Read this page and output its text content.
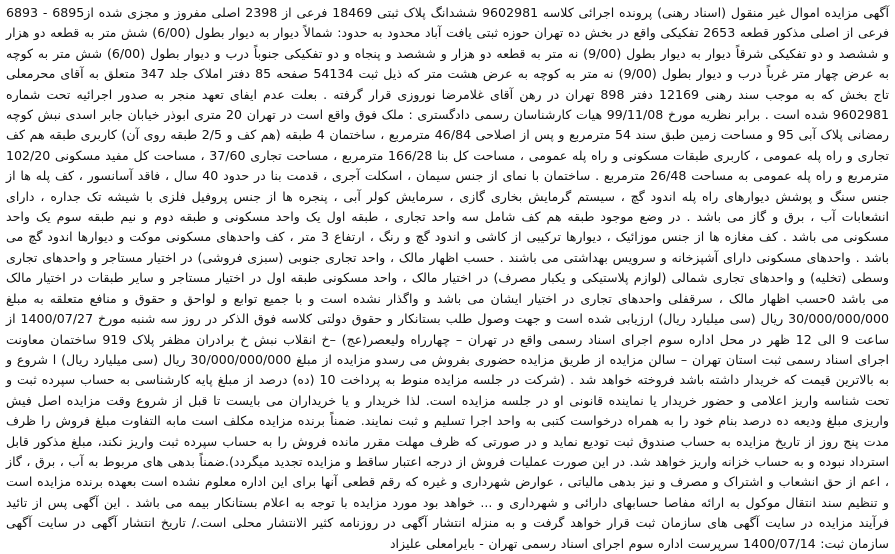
آگهی مزایده اموال غیر منقول (اسناد رهنی) پرونده اجرائی کلاسه 9602981 ششدانگ پلاک ثبتی 18469 فرعی از 2398 اصلی مفروز و مجزی شده از6895 - 6893 فرعی از اصلی مذکور قطعه 2653 تفکیکی واقع در بخش ده تهران حوزه ثبتی یافت آباد محدود به حدود: شمالاً دیوار به دیوار بطول (6/00) شش متر به قطعه دو هزار و ششصد و دو تفکیکی شرقاً دیوار به دیوار بطول (9/00) نه متر به قطعه دو هزار و ششصد و پنجاه و دو تفکیکی جنوباً درب و دیوار بطول (6/00) شش متر به کوچه به عرض چهار متر غرباً درب و دیوار بطول (9/00) نه متر به کوچه به عرض هشت متر که ذیل ثبت 54134 صفحه 85 دفتر املاک جلد 347 متعلق به آقای محرمعلی تاج بخش که به موجب سند رهنی 12169 دفتر 898 تهران در رهن آقای غلامرضا نوروزی قرار گرفته . بعلت عدم ایفای تعهد منجر به صدور اجرائیه تحت شماره 9602981 شده است . برابر نظریه مورخ 99/11/08 هیات کارشناسان رسمی دادگستری : ملک فوق واقع است در تهران 20 متری ابوذر خیابان جابر اسدی نبش کوچه رمضانی پلاک آبی 95 و مساحت زمین طبق سند 54 مترمربع و پس از اصلاحی 46/84 مترمربع ، ساختمان 4 طبقه (هم کف و 2/5 طبقه روی آن) کاربری طبقه هم کف تجاری و راه پله عمومی ، کاربری طبقات مسکونی و راه پله عمومی ، مساحت کل بنا 166/28 مترمربع ، مساحت تجاری 37/60 ، مساحت کل مفید مسکونی 102/20 مترمربع و راه پله عمومی به مساحت 26/48 مترمربع . ساختمان با نمای از جنس سیمان ، اسکلت آجری ، قدمت بنا در حدود 40 سال ، فاقد آسانسور ، کف پله ها از جنس سنگ و پوشش دیوارهای راه پله اندود گچ ، سیستم گرمایش بخاری گازی ، سرمایش کولر آبی ، پنجره ها از جنس پروفیل فلزی با شیشه تک جداره ، دارای انشعابات آب ، برق و گاز می باشد . در وضع موجود طبقه هم کف شامل سه واحد تجاری ، طبقه اول یک واحد مسکونی و طبقه دوم و نیم طبقه سوم یک واحد مسکونی می باشد . کف مغازه ها از جنس موزائیک ، دیوارها ترکیبی از کاشی و اندود گچ و رنگ ، ارتفاع 3 متر ، کف واحدهای مسکونی موکت و دیوارها اندود گچ می باشد . واحدهای مسکونی دارای آشپزخانه و سرویس بهداشتی می باشند . حسب اظهار مالک ، واحد تجاری جنوبی (سبزی فروشی) در اختیار مستاجر و واحدهای تجاری وسطی (تخلیه) و واحدهای تجاری شمالی (لوازم پلاستیکی و یکبار مصرف) در اختیار مالک ، واحد مسکونی طبقه اول در اختیار مستاجر و سایر طبقات در اختیار مالک می باشد 0حسب اظهار مالک ، سرقفلی واحدهای تجاری در اختیار ایشان می باشد و واگذار نشده است و با جمیع توابع و لواحق و حقوق و منافع متعلقه به مبلغ 30/000/000/000 ریال (سی میلیارد ریال) ارزیابی شده است و جهت وصول طلب بستانکار و حقوق دولتی کلاسه فوق الذکر در روز سه شنبه مورخ 1400/07/27 از ساعت 9 الی 12 ظهر در محل اداره سوم اجرای اسناد رسمی واقع در تهران – چهارراه ولیعصر(عج) –خ انقلاب نبش خ برادران مظفر پلاک 919 ساختمان معاونت اجرای اسناد رسمی ثبت استان تهران – سالن مزایده از طریق مزایده حضوری بفروش می رسدو مزایده از مبلغ 30/000/000/000 ریال (سی میلیارد ریال) ا شروع و به بالاترین قیمت که خریدار داشته باشد فروخته خواهد شد . (شرکت در جلسه مزایده منوط به پرداخت 10 (ده) درصد از مبلغ پایه کارشناسی به حساب سپرده ثبت و تحت شناسه واریز اعلامی و حضور خریدار یا نماینده قانونی او در جلسه مزایده است. لذا خریدار و یا خریداران می بایست تا قبل از شروع وقت مزایده اصل فیش واریزی مبلغ ودیعه ده درصد بنام خود را به همراه درخواست کتبی به واحد اجرا تسلیم و ثبت نمایند. ضمناً برنده مزایده مکلف است مابه التفاوت مبلغ فروش را ظرف مدت پنج روز از تاریخ مزایده به حساب صندوق ثبت تودیع نماید و در صورتی که ظرف مهلت مقرر مانده فروش را به حساب سپرده ثبت واریز نکند، مبلغ مذکور قابل استرداد نبوده و به حساب خزانه واریز خواهد شد. در این صورت عملیات فروش از درجه اعتبار ساقط و مزایده تجدید میگردد).ضمناً بدهی های مربوط به آب ، برق ، گاز ، اعم از حق انشعاب و اشتراک و مصرف و نیز بدهی مالیاتی ، عوارض شهرداری و غیره که رقم قطعی آنها برای این اداره معلوم نشده است بعهده برنده مزایده است و تنظیم سند انتقال موکول به ارائه مفاصا حسابهای دارائی و شهرداری و ... خواهد بود مورد مزایده با توجه به اعلام بستانکار بیمه می باشد . این آگهی پس از تائید فرآیند مزایده در سایت آگهی های سازمان ثبت قرار خواهد گرفت و به منزله انتشار آگهی در روزنامه کثیر الانتشار محلی است./ تاریخ انتشار آگهی در سایت آگهی سازمان ثبت: 1400/07/14 سرپرست اداره سوم اجرای اسناد رسمی تهران - بایرامعلی علیزاد
